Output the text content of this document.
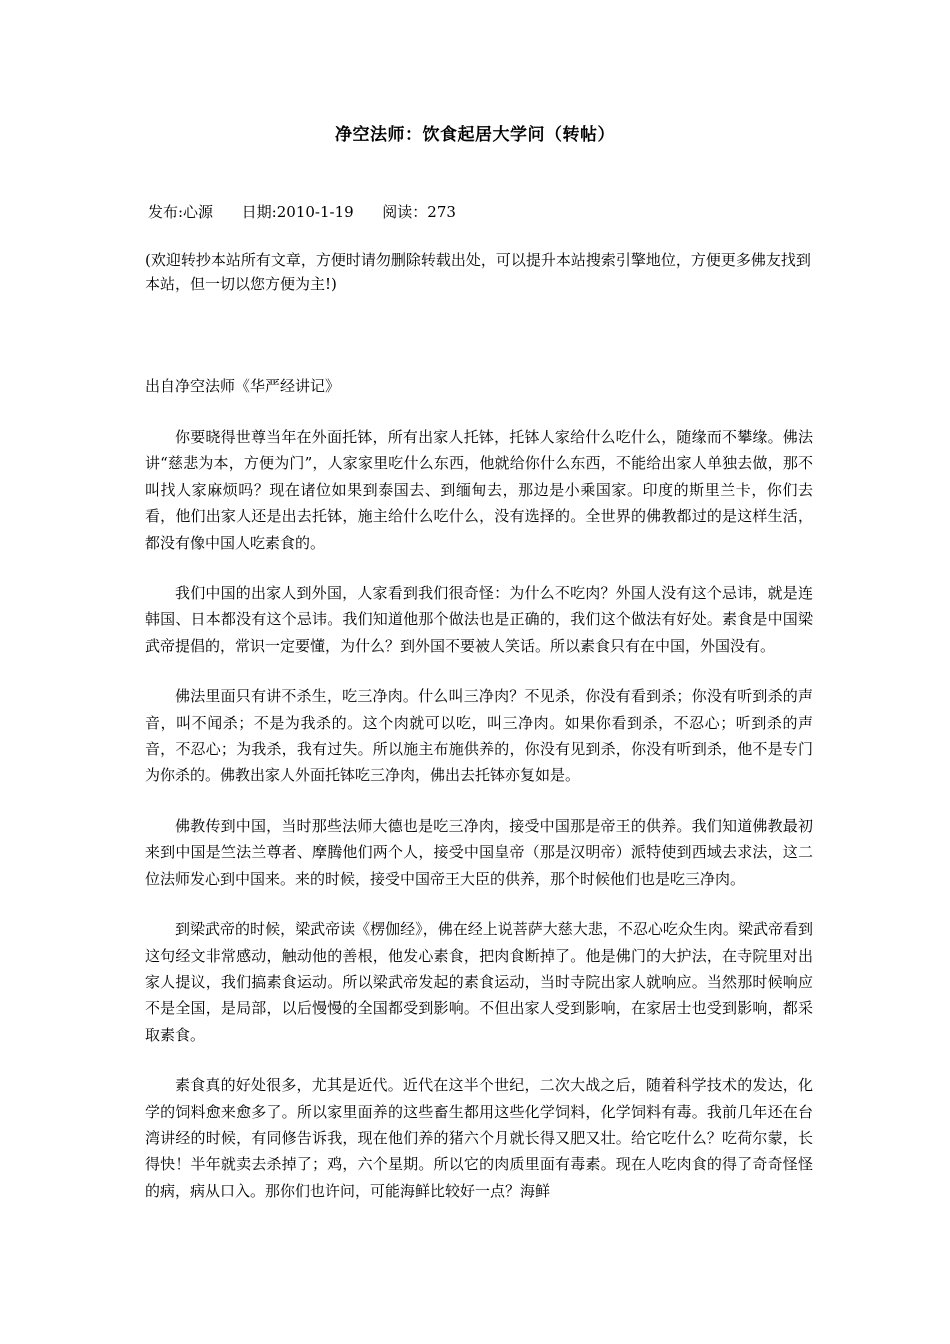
净空法师：饮食起居大学问（转帖）
发布:心源 日期:2010-1-19 阅读：273
(欢迎转抄本站所有文章，方便时请勿删除转载出处，可以提升本站搜索引擎地位，方便更多佛友找到本站，但一切以您方便为主!)
出自净空法师《华严经讲记》

你要晓得世尊当年在外面托钵，所有出家人托钵，托钵人家给什么吃什么，随缘而不攀缘。佛法讲“慈悲为本，方便为门”，人家家里吃什么东西，他就给你什么东西，不能给出家人单独去做，那不叫找人家麻烦吗？现在诸位如果到泰国去、到缅甸去，那边是小乘国家。印度的斯里兰卡，你们去看，他们出家人还是出去托钵，施主给什么吃什么，没有选择的。全世界的佛教都过的是这样生活，都没有像中国人吃素食的。

我们中国的出家人到外国，人家看到我们很奇怪：为什么不吃肉？外国人没有这个忌讳，就是连韩国、日本都没有这个忌讳。我们知道他那个做法也是正确的，我们这个做法有好处。素食是中国梁武帝提倡的，常识一定要懂，为什么？到外国不要被人笑话。所以素食只有在中国，外国没有。

佛法里面只有讲不杀生，吃三净肉。什么叫三净肉？不见杀，你没有看到杀；你没有听到杀的声音，叫不闻杀；不是为我杀的。这个肉就可以吃，叫三净肉。如果你看到杀，不忍心；听到杀的声音，不忍心；为我杀，我有过失。所以施主布施供养的，你没有见到杀，你没有听到杀，他不是专门为你杀的。佛教出家人外面托钵吃三净肉，佛出去托钵亦复如是。

佛教传到中国，当时那些法师大德也是吃三净肉，接受中国那是帝王的供养。我们知道佛教最初来到中国是竺法兰尊者、摩腾他们两个人，接受中国皇帝（那是汉明帝）派特使到西域去求法，这二位法师发心到中国来。来的时候，接受中国帝王大臣的供养，那个时候他们也是吃三净肉。

到梁武帝的时候，梁武帝读《楞伽经》，佛在经上说菩萨大慈大悲，不忍心吃众生肉。梁武帝看到这句经文非常感动，触动他的善根，他发心素食，把肉食断掉了。他是佛门的大护法，在寺院里对出家人提议，我们搞素食运动。所以梁武帝发起的素食运动，当时寺院出家人就响应。当然那时候响应不是全国，是局部，以后慢慢的全国都受到影响。不但出家人受到影响，在家居士也受到影响，都采取素食。

素食真的好处很多，尤其是近代。近代在这半个世纪，二次大战之后，随着科学技术的发达，化学的饲料愈来愈多了。所以家里面养的这些畜生都用这些化学饲料，化学饲料有毒。我前几年还在台湾讲经的时候，有同修告诉我，现在他们养的猪六个月就长得又肥又壮。给它吃什么？吃荷尔蒙，长得快！半年就卖去杀掉了；鸡，六个星期。所以它的肉质里面有毒素。现在人吃肉食的得了奇奇怪怪的病，病从口入。那你们也许问，可能海鲜比较好一点？海鲜
